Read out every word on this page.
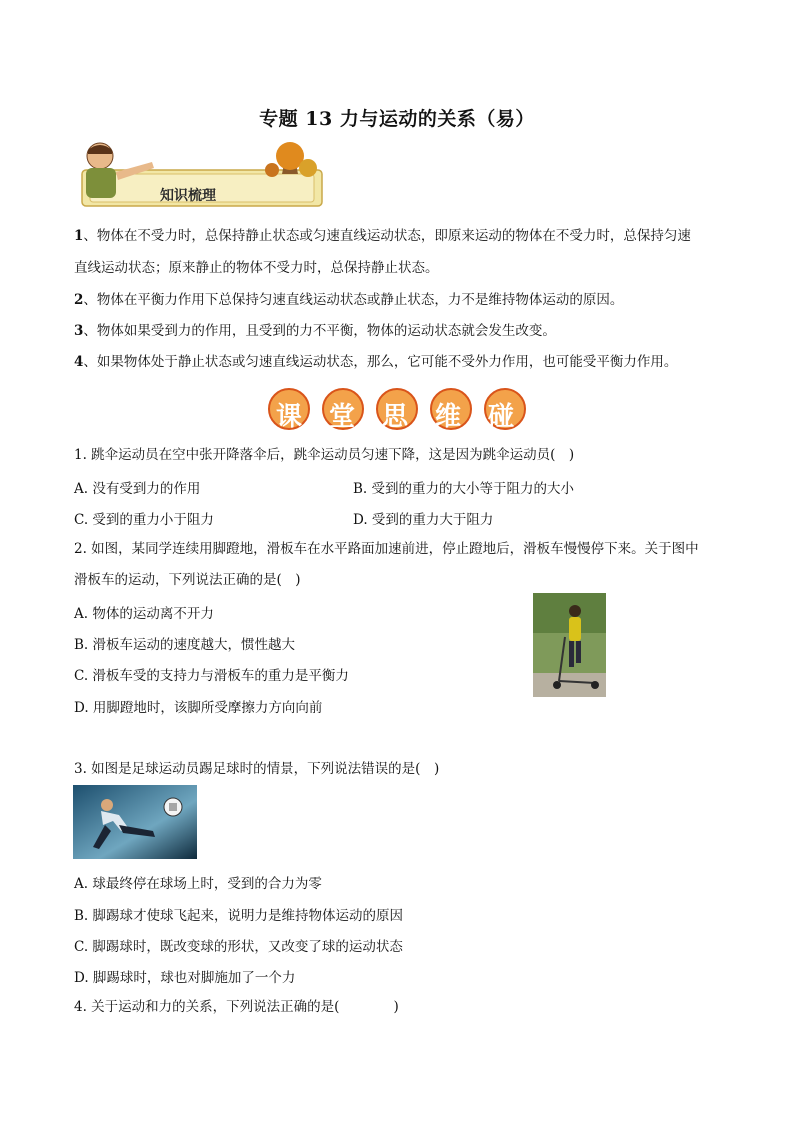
专题 13 力与运动的关系（易）
知识梳理
1、物体在不受力时，总保持静止状态或匀速直线运动状态，即原来运动的物体在不受力时，总保持匀速
直线运动状态；原来静止的物体不受力时，总保持静止状态。
2、物体在平衡力作用下总保持匀速直线运动状态或静止状态，力不是维持物体运动的原因。
3、物体如果受到力的作用，且受到的力不平衡，物体的运动状态就会发生改变。
4、如果物体处于静止状态或匀速直线运动状态，那么，它可能不受外力作用，也可能受平衡力作用。
课堂思维碰撞
1. 跳伞运动员在空中张开降落伞后，跳伞运动员匀速下降，这是因为跳伞运动员(　)
A. 没有受到力的作用	B. 受到的重力的大小等于阻力的大小
C. 受到的重力小于阻力	D. 受到的重力大于阻力
2. 如图，某同学连续用脚蹬地，滑板车在水平路面加速前进，停止蹬地后，滑板车慢慢停下来。关于图中
滑板车的运动，下列说法正确的是(　)
A. 物体的运动离不开力
B. 滑板车运动的速度越大，惯性越大
C. 滑板车受的支持力与滑板车的重力是平衡力
D. 用脚蹬地时，该脚所受摩擦力方向向前
3. 如图是足球运动员踢足球时的情景，下列说法错误的是(　)
A. 球最终停在球场上时，受到的合力为零
B. 脚踢球才使球飞起来，说明力是维持物体运动的原因
C. 脚踢球时，既改变球的形状，又改变了球的运动状态
D. 脚踢球时，球也对脚施加了一个力
4. 关于运动和力的关系，下列说法正确的是(　　　　)
